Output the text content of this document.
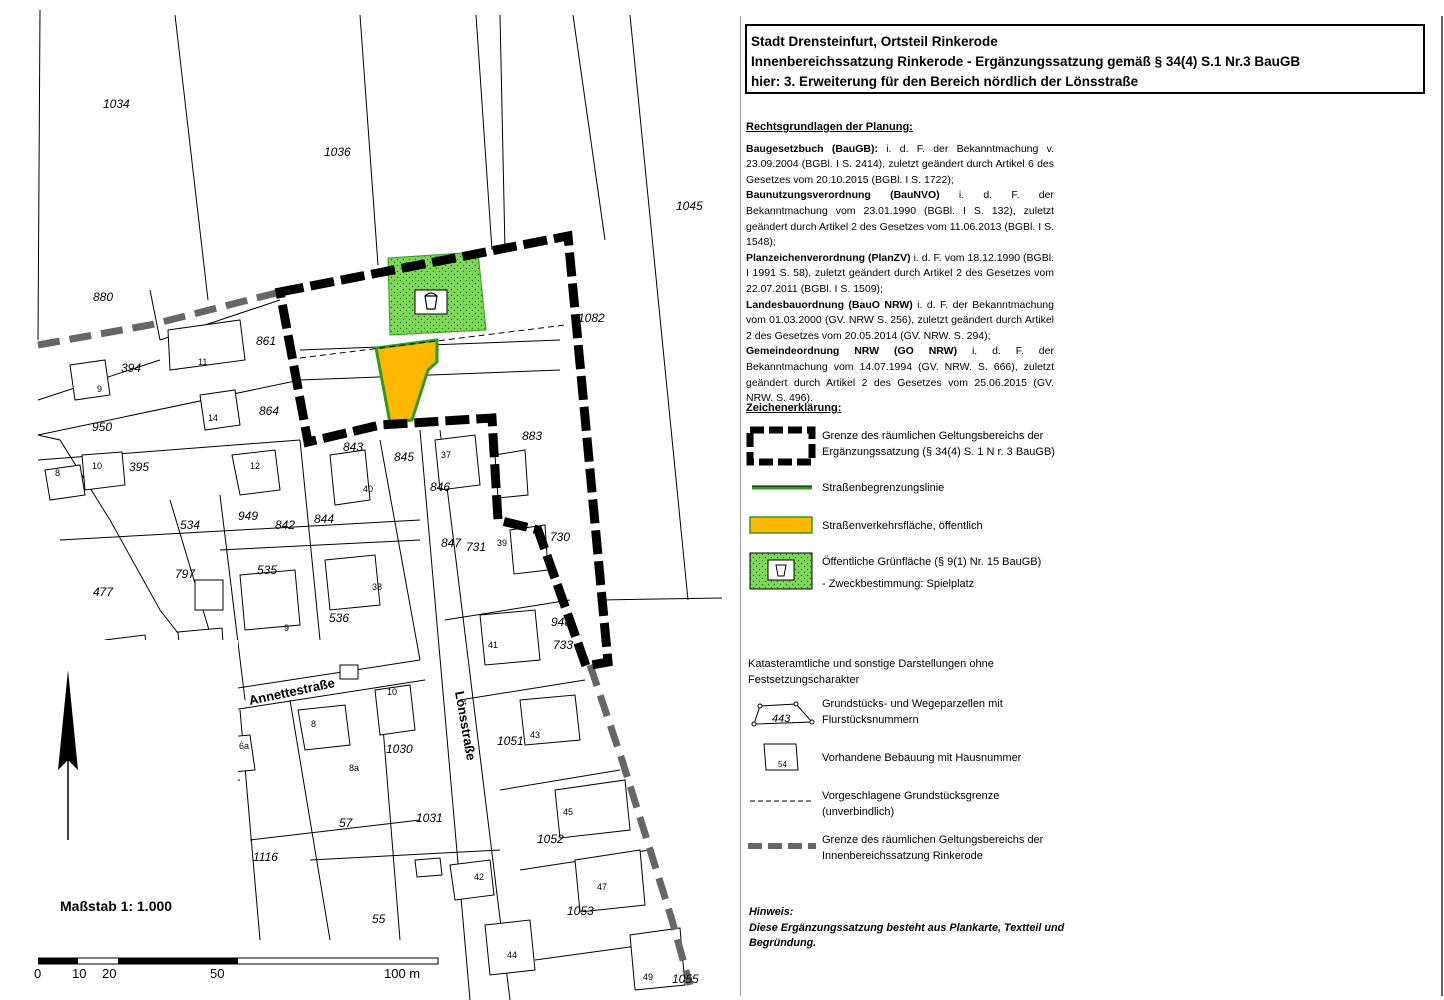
1034
1036
1045
880
861
394
864
950
395
1082
843
845
846
883
534
949
842 844
847 731
730
797
477
535
536	948
733
1030
1051
57	1031
1116
1052
55
1053
1055
9
11
14
8
10	12
37
40
39
38
9
41
10
8
6a
8a
43
45
47
42
44
49
Annettestraße	Lönsstraße
Maßstab 1: 1.000
0 10 20	50	100 m
Stadt Drensteinfurt, Ortsteil Rinkerode
Innenbereichssatzung Rinkerode - Ergänzungssatzung gemäß § 34(4) S.1 Nr.3 BauGB
hier: 3. Erweiterung für den Bereich nördlich der Lönsstraße
Rechtsgrundlagen der Planung:

Baugesetzbuch (BauGB): i. d. F. der Bekanntmachung v. 23.09.2004 (BGBl. I S. 2414), zuletzt geändert durch Artikel 6 des Gesetzes vom 20.10.2015 (BGBl. I S. 1722);

Baunutzungsverordnung (BauNVO) i. d. F. der Bekanntmachung vom 23.01.1990 (BGBl. I S. 132), zuletzt geändert durch Artikel 2 des Gesetzes vom 11.06.2013 (BGBl. I S. 1548);

Planzeichenverordnung (PlanZV) i. d. F. vom 18.12.1990 (BGBl. I 1991 S. 58), zuletzt geändert durch Artikel 2 des Gesetzes vom 22.07.2011 (BGBl. I S. 1509);

Landesbauordnung (BauO NRW) i. d. F. der Bekanntmachung vom 01.03.2000 (GV. NRW S. 256), zuletzt geändert durch Artikel 2 des Gesetzes vom 20.05.2014 (GV. NRW. S. 294);

Gemeindeordnung NRW (GO NRW) i. d. F. der Bekanntmachung vom 14.07.1994 (GV. NRW. S. 666), zuletzt geändert durch Artikel 2 des Gesetzes vom 25.06.2015 (GV. NRW. S. 496).

Zeichenerklärung:
Grenze des räumlichen Geltungsbereichs der Ergänzungssatzung (§ 34(4) S. 1 N r. 3 BauGB)
Straßenbegrenzungslinie
Straßenverkehrsfläche, öffentlich
Öffentliche Grünfläche (§ 9(1) Nr. 15 BauGB)
- Zweckbestimmung: Spielplatz
Katasteramtliche und sonstige Darstellungen ohne Festsetzungscharakter
443
Grundstücks- und Wegeparzellen mit Flurstücksnummern
54
Vorhandene Bebauung mit Hausnummer
Vorgeschlagene Grundstücksgrenze (unverbindlich)
Grenze des räumlichen Geltungsbereichs der Innenbereichssatzung Rinkerode
Hinweis:
Diese Ergänzungssatzung besteht aus Plankarte, Textteil und Begründung.
